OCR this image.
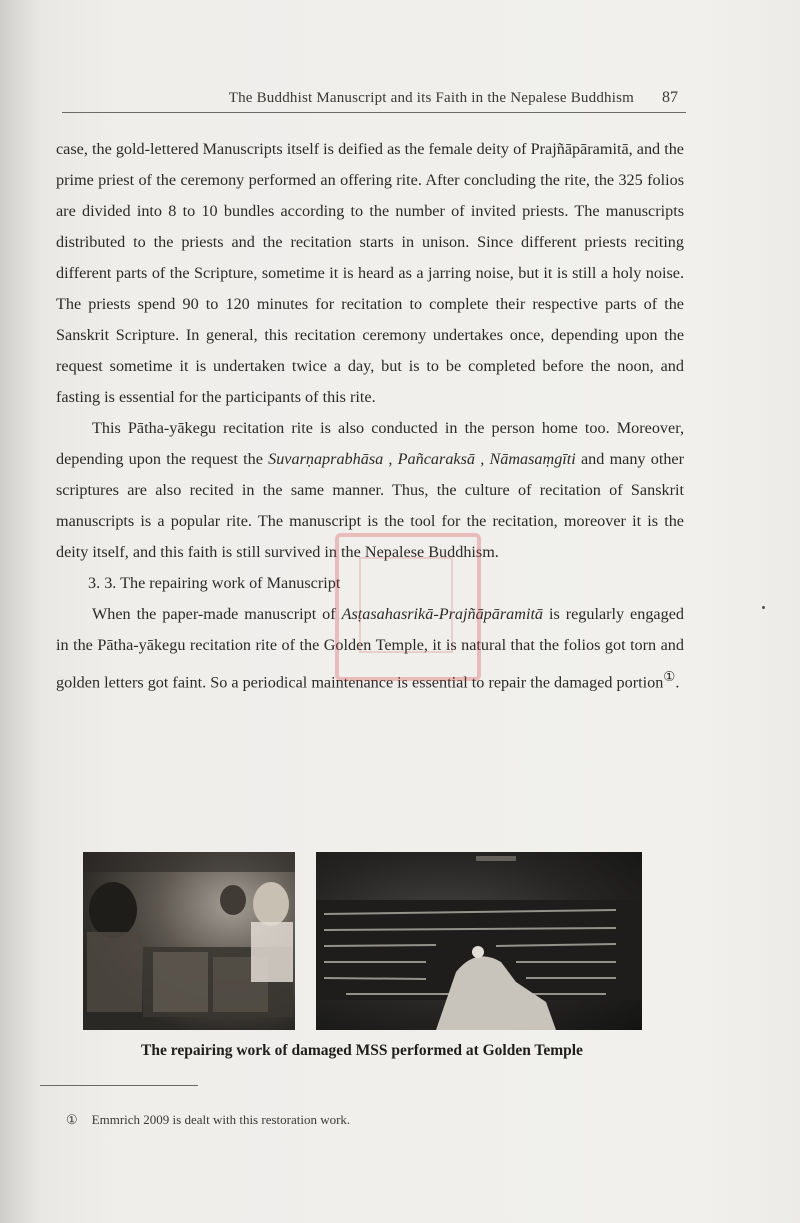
The Buddhist Manuscript and its Faith in the Nepalese Buddhism 87

case, the gold-lettered Manuscripts itself is deified as the female deity of Prajñāpāramitā, and the prime priest of the ceremony performed an offering rite. After concluding the rite, the 325 folios are divided into 8 to 10 bundles according to the number of invited priests. The manuscripts distributed to the priests and the recitation starts in unison. Since different priests reciting different parts of the Scripture, sometime it is heard as a jarring noise, but it is still a holy noise. The priests spend 90 to 120 minutes for recitation to complete their respective parts of the Sanskrit Scripture. In general, this recitation ceremony undertakes once, depending upon the request sometime it is undertaken twice a day, but is to be completed before the noon, and fasting is essential for the participants of this rite.

This Pātha-yākegu recitation rite is also conducted in the person home too. Moreover, depending upon the request the Suvarṇaprabhāsa , Pañcaraksā , Nāmasaṃgīti and many other scriptures are also recited in the same manner. Thus, the culture of recitation of Sanskrit manuscripts is a popular rite. The manuscript is the tool for the recitation, moreover it is the deity itself, and this faith is still survived in the Nepalese Buddhism.

3. 3. The repairing work of Manuscript

When the paper-made manuscript of Asṭasahasrikā-Prajñāpāramitā is regularly engaged in the Pātha-yākegu recitation rite of the Golden Temple, it is natural that the folios got torn and golden letters got faint. So a periodical maintenance is essential to repair the damaged portion①.

The repairing work of damaged MSS performed at Golden Temple
① Emmrich 2009 is dealt with this restoration work.
